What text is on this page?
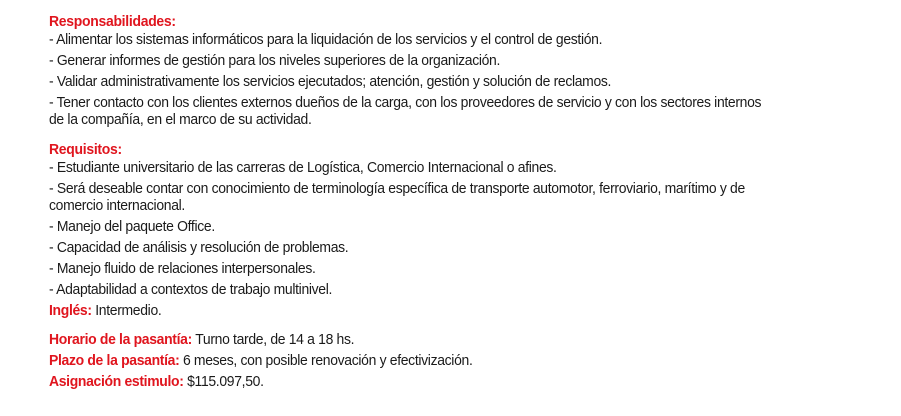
Responsabilidades:
- Alimentar los sistemas informáticos para la liquidación de los servicios y el control de gestión.
- Generar informes de gestión para los niveles superiores de la organización.
- Validar administrativamente los servicios ejecutados; atención, gestión y solución de reclamos.
- Tener contacto con los clientes externos dueños de la carga, con los proveedores de servicio y con los sectores internos
de la compañía, en el marco de su actividad.
Requisitos:
- Estudiante universitario de las carreras de Logística, Comercio Internacional o afines.
- Será deseable contar con conocimiento de terminología específica de transporte automotor, ferroviario, marítimo y de
comercio internacional.
- Manejo del paquete Office.
- Capacidad de análisis y resolución de problemas.
- Manejo fluido de relaciones interpersonales.
- Adaptabilidad a contextos de trabajo multinivel.
Inglés: Intermedio.
Horario de la pasantía: Turno tarde, de 14 a 18 hs.
Plazo de la pasantía: 6 meses, con posible renovación y efectivización.
Asignación estimulo: $115.097,50.
